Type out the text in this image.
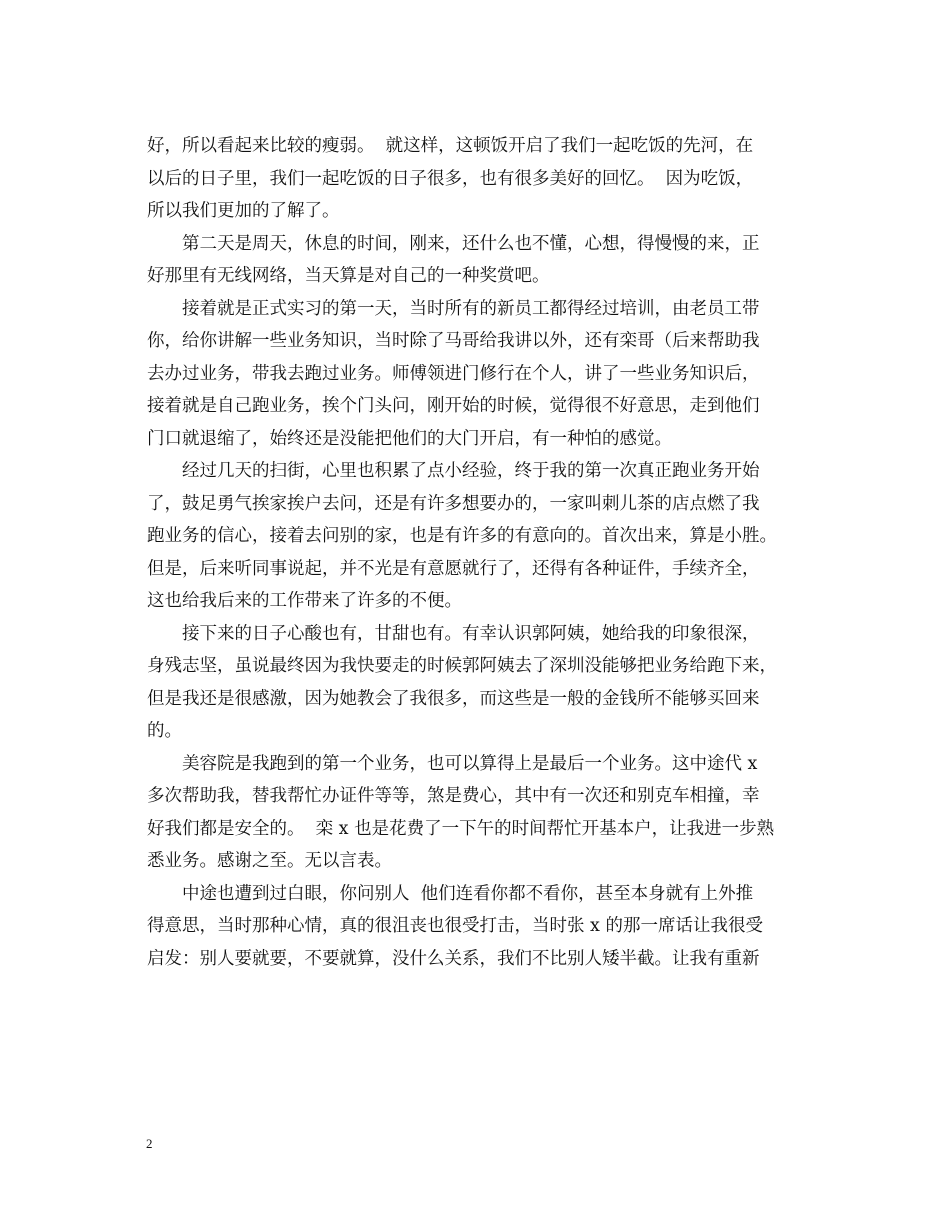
好，所以看起来比较的瘦弱。  就这样，这顿饭开启了我们一起吃饭的先河，在
以后的日子里，我们一起吃饭的日子很多，也有很多美好的回忆。  因为吃饭，
所以我们更加的了解了。
第二天是周天，休息的时间，刚来，还什么也不懂，心想，得慢慢的来，正
好那里有无线网络，当天算是对自己的一种奖赏吧。
接着就是正式实习的第一天，当时所有的新员工都得经过培训，由老员工带
你，给你讲解一些业务知识，当时除了马哥给我讲以外，还有栾哥（后来帮助我
去办过业务，带我去跑过业务。师傅领进门修行在个人，讲了一些业务知识后，
接着就是自己跑业务，挨个门头问，刚开始的时候，觉得很不好意思，走到他们
门口就退缩了，始终还是没能把他们的大门开启，有一种怕的感觉。
经过几天的扫街，心里也积累了点小经验，终于我的第一次真正跑业务开始
了，鼓足勇气挨家挨户去问，还是有许多想要办的，一家叫刺儿茶的店点燃了我
跑业务的信心，接着去问别的家，也是有许多的有意向的。首次出来，算是小胜。
但是，后来听同事说起，并不光是有意愿就行了，还得有各种证件，手续齐全，
这也给我后来的工作带来了许多的不便。
接下来的日子心酸也有，甘甜也有。有幸认识郭阿姨，她给我的印象很深，
身残志坚，虽说最终因为我快要走的时候郭阿姨去了深圳没能够把业务给跑下来，
但是我还是很感激，因为她教会了我很多，而这些是一般的金钱所不能够买回来
的。
美容院是我跑到的第一个业务，也可以算得上是最后一个业务。这中途代 x
多次帮助我，替我帮忙办证件等等，煞是费心，其中有一次还和别克车相撞，幸
好我们都是安全的。  栾 x 也是花费了一下午的时间帮忙开基本户，让我进一步熟
悉业务。感谢之至。无以言表。
中途也遭到过白眼，你问别人  他们连看你都不看你，甚至本身就有上外推
得意思，当时那种心情，真的很沮丧也很受打击，当时张 x 的那一席话让我很受
启发：别人要就要，不要就算，没什么关系，我们不比别人矮半截。让我有重新
2
